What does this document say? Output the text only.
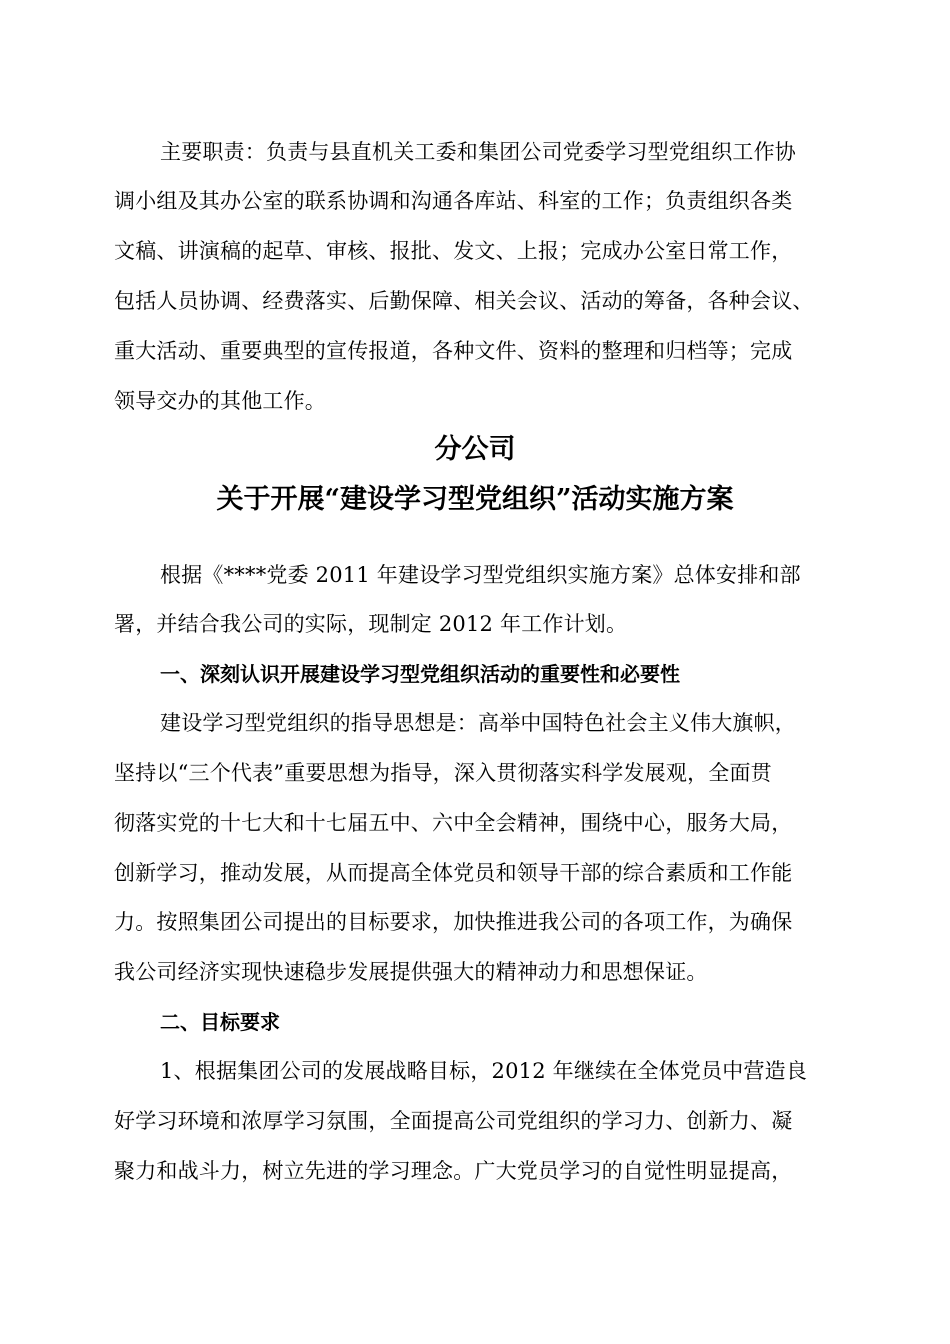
主要职责：负责与县直机关工委和集团公司党委学习型党组织工作协
调小组及其办公室的联系协调和沟通各库站、科室的工作；负责组织各类
文稿、讲演稿的起草、审核、报批、发文、上报；完成办公室日常工作，
包括人员协调、经费落实、后勤保障、相关会议、活动的筹备，各种会议、
重大活动、重要典型的宣传报道，各种文件、资料的整理和归档等；完成
领导交办的其他工作。
分公司
关于开展“建设学习型党组织”活动实施方案
根据《****党委 2011 年建设学习型党组织实施方案》总体安排和部
署，并结合我公司的实际，现制定 2012 年工作计划。
一、深刻认识开展建设学习型党组织活动的重要性和必要性
建设学习型党组织的指导思想是：高举中国特色社会主义伟大旗帜，
坚持以“三个代表”重要思想为指导，深入贯彻落实科学发展观，全面贯
彻落实党的十七大和十七届五中、六中全会精神，围绕中心，服务大局，
创新学习，推动发展，从而提高全体党员和领导干部的综合素质和工作能
力。按照集团公司提出的目标要求，加快推进我公司的各项工作，为确保
我公司经济实现快速稳步发展提供强大的精神动力和思想保证。
二、目标要求
1、根据集团公司的发展战略目标，2012 年继续在全体党员中营造良
好学习环境和浓厚学习氛围，全面提高公司党组织的学习力、创新力、凝
聚力和战斗力，树立先进的学习理念。广大党员学习的自觉性明显提高，
